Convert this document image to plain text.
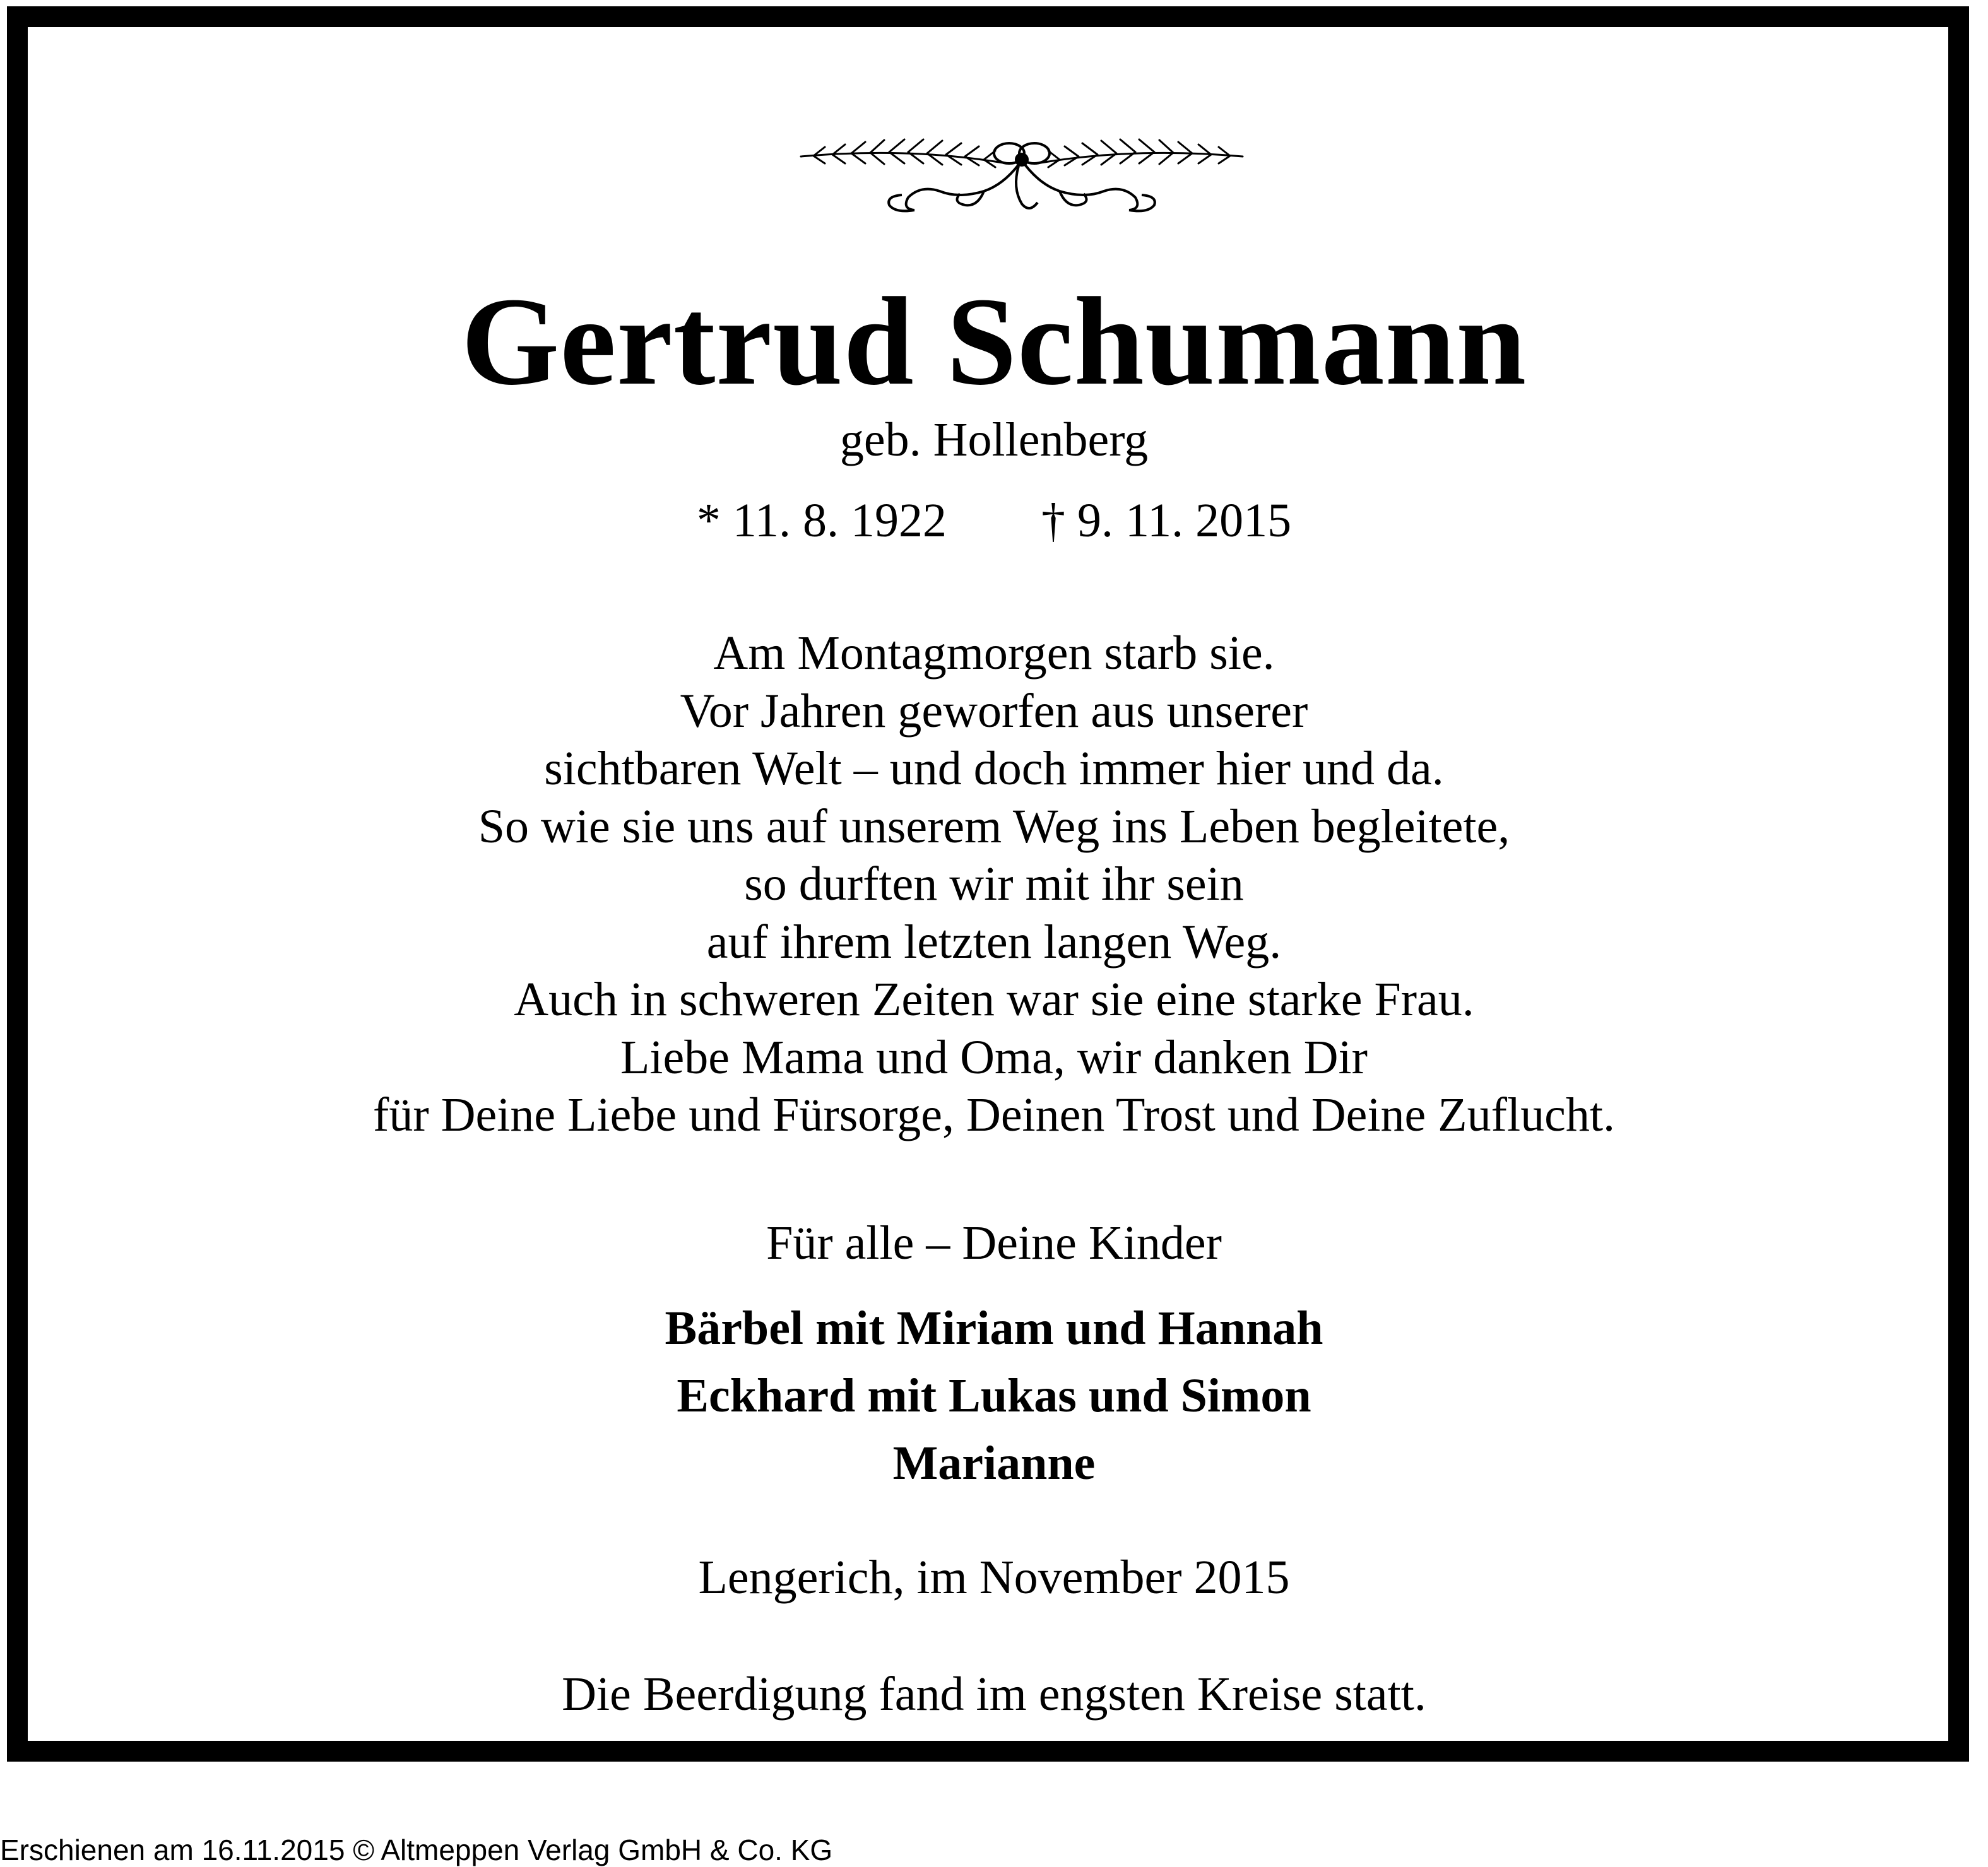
Gertrud Schumann
geb. Hollenberg
* 11. 8. 1922 † 9. 11. 2015
Am Montagmorgen starb sie.
Vor Jahren geworfen aus unserer
sichtbaren Welt – und doch immer hier und da.
So wie sie uns auf unserem Weg ins Leben begleitete,
so durften wir mit ihr sein
auf ihrem letzten langen Weg.
Auch in schweren Zeiten war sie eine starke Frau.
Liebe Mama und Oma, wir danken Dir
für Deine Liebe und Fürsorge, Deinen Trost und Deine Zuflucht.
Für alle – Deine Kinder
Bärbel mit Miriam und Hannah
Eckhard mit Lukas und Simon
Marianne
Lengerich, im November 2015
Die Beerdigung fand im engsten Kreise statt.
Erschienen am 16.11.2015 © Altmeppen Verlag GmbH & Co. KG
